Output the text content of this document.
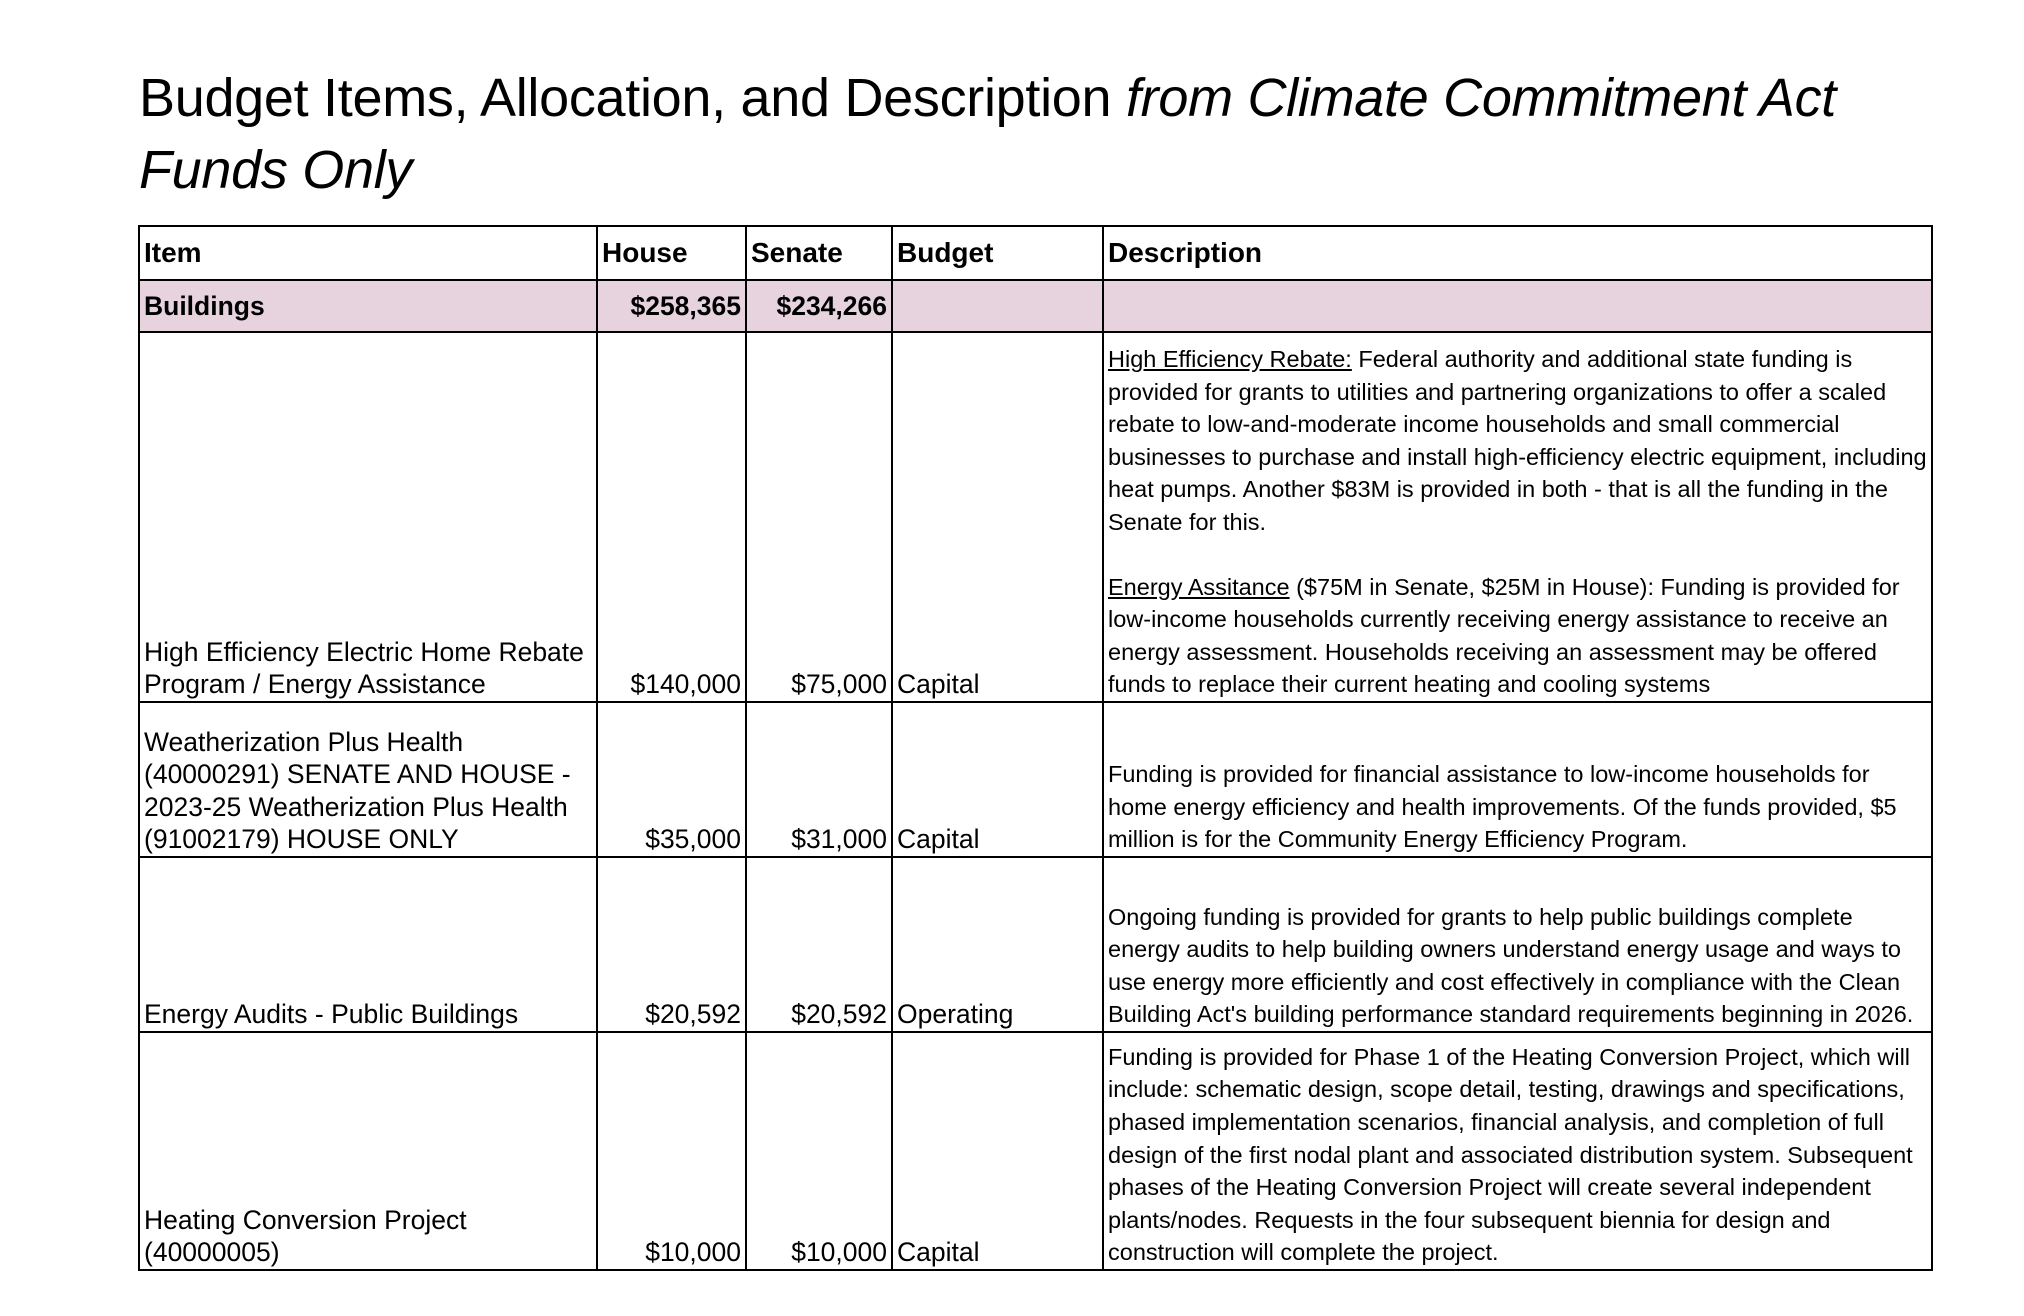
Budget Items, Allocation, and Description from Climate Commitment Act Funds Only
Item	House	Senate	Budget	Description
Buildings	$258,365	$234,266		
High Efficiency Electric Home Rebate Program / Energy Assistance	$140,000	$75,000	Capital	High Efficiency Rebate: Federal authority and additional state funding is provided for grants to utilities and partnering organizations to offer a scaled rebate to low-and-moderate income households and small commercial businesses to purchase and install high-efficiency electric equipment, including heat pumps. Another $83M is provided in both - that is all the funding in the Senate for this.
Energy Assitance ($75M in Senate, $25M in House): Funding is provided for low-income households currently receiving energy assistance to receive an energy assessment. Households receiving an assessment may be offered funds to replace their current heating and cooling systems

Weatherization Plus Health (40000291) SENATE AND HOUSE - 2023-25 Weatherization Plus Health (91002179) HOUSE ONLY	$35,000	$31,000	Capital	Funding is provided for financial assistance to low-income households for home energy efficiency and health improvements. Of the funds provided, $5 million is for the Community Energy Efficiency Program.
Energy Audits - Public Buildings	$20,592	$20,592	Operating	Ongoing funding is provided for grants to help public buildings complete energy audits to help building owners understand energy usage and ways to use energy more efficiently and cost effectively in compliance with the Clean Building Act's building performance standard requirements beginning in 2026.
Heating Conversion Project (40000005)	$10,000	$10,000	Capital	Funding is provided for Phase 1 of the Heating Conversion Project, which will include: schematic design, scope detail, testing, drawings and specifications, phased implementation scenarios, financial analysis, and completion of full design of the first nodal plant and associated distribution system. Subsequent phases of the Heating Conversion Project will create several independent plants/nodes. Requests in the four subsequent biennia for design and construction will complete the project.
